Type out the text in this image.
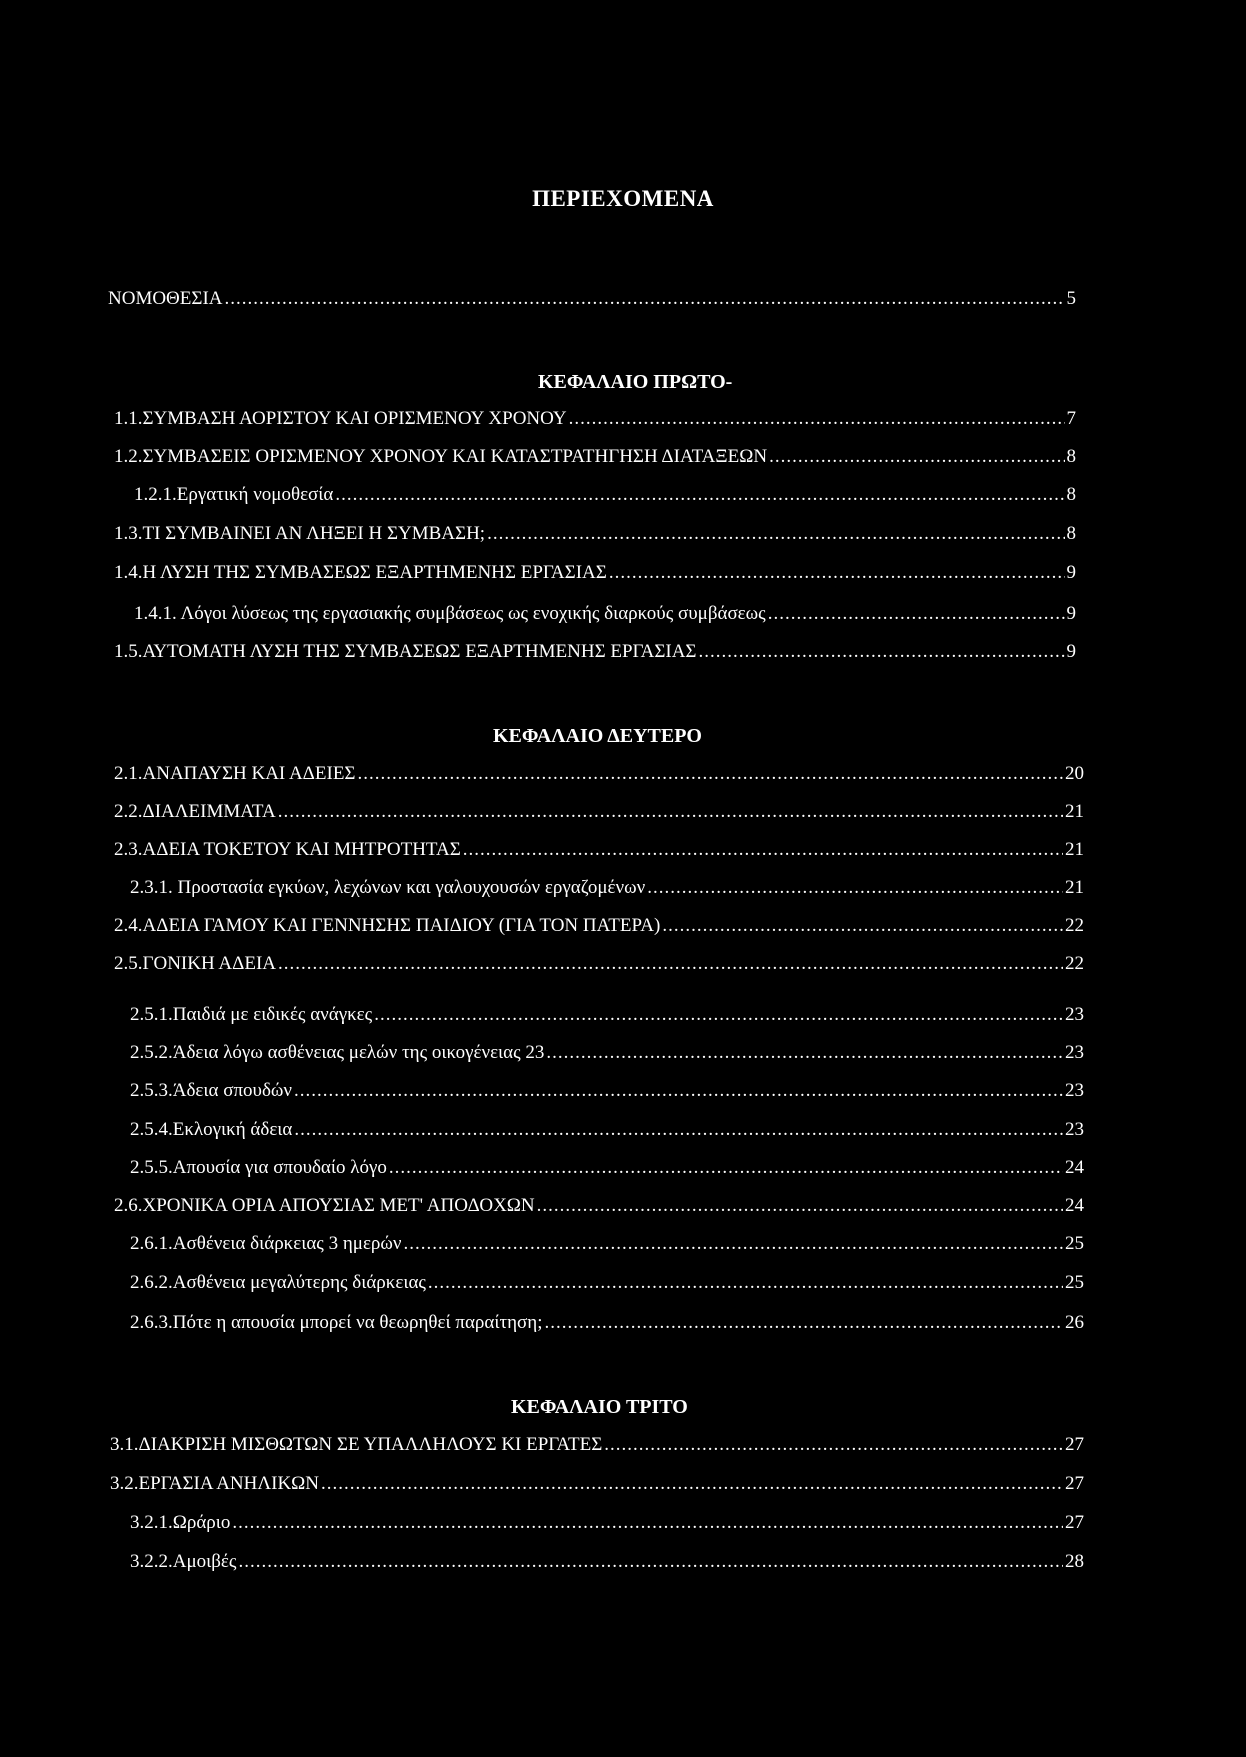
ΠΕΡΙΕΧΟΜΕΝΑ
ΚΕΦΑΛΑΙΟ ΠΡΩΤΟ-
ΚΕΦΑΛΑΙΟ ΔΕΥΤΕΡΟ
ΚΕΦΑΛΑΙΟ ΤΡΙΤΟ
ΝΟΜΟΘΕΣΙΑ .....	5
1.1.ΣΥΜΒΑΣΗ ΑΟΡΙΣΤΟΥ ΚΑΙ ΟΡΙΣΜΕΝΟΥ ΧΡΟΝΟΥ .....	7
1.2.ΣΥΜΒΑΣΕΙΣ ΟΡΙΣΜΕΝΟΥ ΧΡΟΝΟΥ ΚΑΙ ΚΑΤΑΣΤΡΑΤΗΓΗΣΗ ΔΙΑΤΑΞΕΩΝ .....	8
1.2.1.Εργατική νομοθεσία .....	8
1.3.ΤΙ ΣΥΜΒΑΙΝΕΙ ΑΝ ΛΗΞΕΙ Η ΣΥΜΒΑΣΗ; .....	8
1.4.Η ΛΥΣΗ ΤΗΣ ΣΥΜΒΑΣΕΩΣ ΕΞΑΡΤΗΜΕΝΗΣ ΕΡΓΑΣΙΑΣ .....	9
1.4.1. Λόγοι λύσεως της εργασιακής συμβάσεως ως ενοχικής διαρκούς συμβάσεως .....	9
1.5.ΑΥΤΟΜΑΤΗ ΛΥΣΗ ΤΗΣ ΣΥΜΒΑΣΕΩΣ ΕΞΑΡΤΗΜΕΝΗΣ ΕΡΓΑΣΙΑΣ .....	9
2.1.ΑΝΑΠΑΥΣΗ ΚΑΙ ΑΔΕΙΕΣ .....	20
2.2.ΔΙΑΛΕΙΜΜΑΤΑ .....	21
2.3.ΑΔΕΙΑ ΤΟΚΕΤΟΥ ΚΑΙ ΜΗΤΡΟΤΗΤΑΣ .....	21
2.3.1. Προστασία εγκύων, λεχώνων και γαλουχουσών εργαζομένων .....	21
2.4.ΑΔΕΙΑ ΓΑΜΟΥ ΚΑΙ ΓΕΝΝΗΣΗΣ ΠΑΙΔΙΟΥ (ΓΙΑ ΤΟΝ ΠΑΤΕΡΑ) .....	22
2.5.ΓΟΝΙΚΗ ΑΔΕΙΑ .....	22
2.5.1.Παιδιά με ειδικές ανάγκες .....	23
2.5.2.Άδεια λόγω ασθένειας μελών της οικογένειας 23 .....	23
2.5.3.Άδεια σπουδών .....	23
2.5.4.Εκλογική άδεια .....	23
2.5.5.Απουσία για σπουδαίο λόγο .....	24
2.6.ΧΡΟΝΙΚΑ ΟΡΙΑ ΑΠΟΥΣΙΑΣ ΜΕΤ' ΑΠΟΔΟΧΩΝ .....	24
2.6.1.Ασθένεια διάρκειας 3 ημερών .....	25
2.6.2.Ασθένεια μεγαλύτερης διάρκειας .....	25
2.6.3.Πότε η απουσία μπορεί να θεωρηθεί παραίτηση; .....	26
3.1.ΔΙΑΚΡΙΣΗ ΜΙΣΘΩΤΩΝ ΣΕ ΥΠΑΛΛΗΛΟΥΣ ΚΙ ΕΡΓΑΤΕΣ .....	27
3.2.ΕΡΓΑΣΙΑ ΑΝΗΛΙΚΩΝ .....	27
3.2.1.Ωράριο .....	27
3.2.2.Αμοιβές .....	28
